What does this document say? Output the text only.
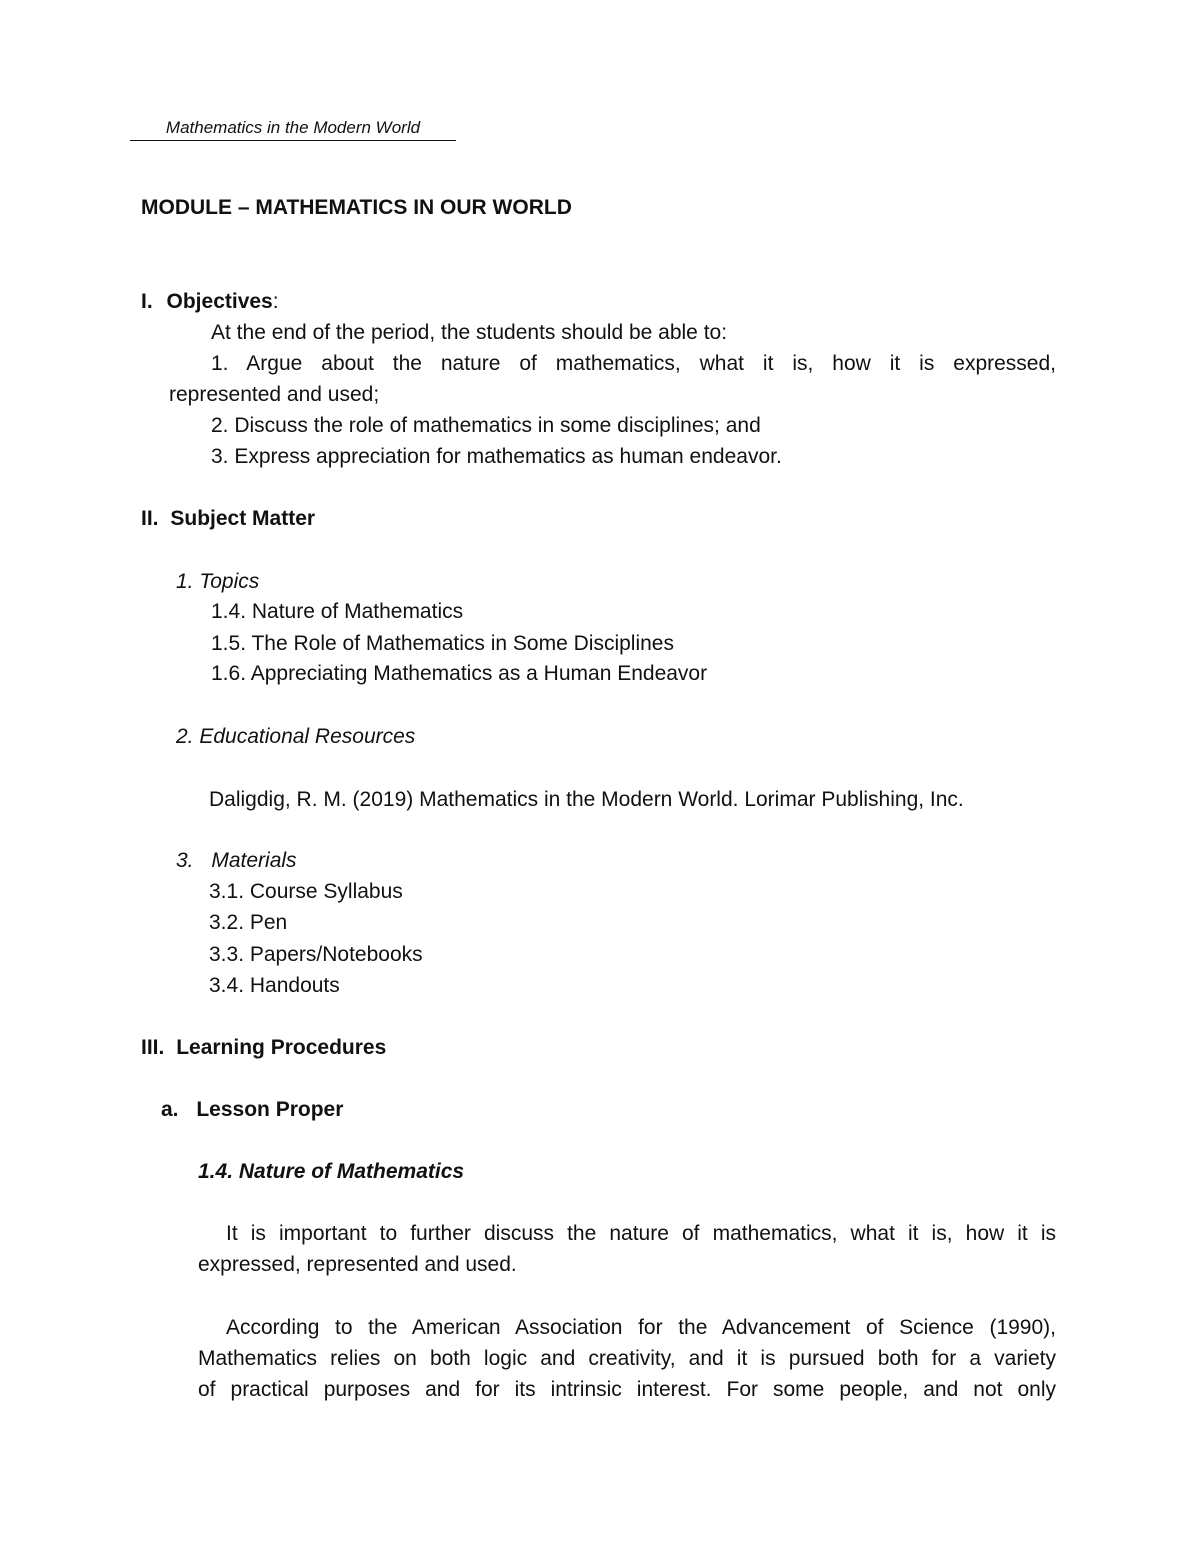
Mathematics in the Modern World
MODULE – MATHEMATICS IN OUR WORLD
I. Objectives:
At the end of the period, the students should be able to:
1. Argue about the nature of mathematics, what it is, how it is expressed,
represented and used;
2. Discuss the role of mathematics in some disciplines; and
3. Express appreciation for mathematics as human endeavor.
II. Subject Matter
1. Topics
1.4. Nature of Mathematics
1.5. The Role of Mathematics in Some Disciplines
1.6. Appreciating Mathematics as a Human Endeavor
2. Educational Resources
Daligdig, R. M. (2019) Mathematics in the Modern World. Lorimar Publishing, Inc.
3. Materials
3.1. Course Syllabus
3.2. Pen
3.3. Papers/Notebooks
3.4. Handouts
III. Learning Procedures
a. Lesson Proper
1.4. Nature of Mathematics
It is important to further discuss the nature of mathematics, what it is, how it is
expressed, represented and used.
According to the American Association for the Advancement of Science (1990),
Mathematics relies on both logic and creativity, and it is pursued both for a variety
of practical purposes and for its intrinsic interest. For some people, and not only
